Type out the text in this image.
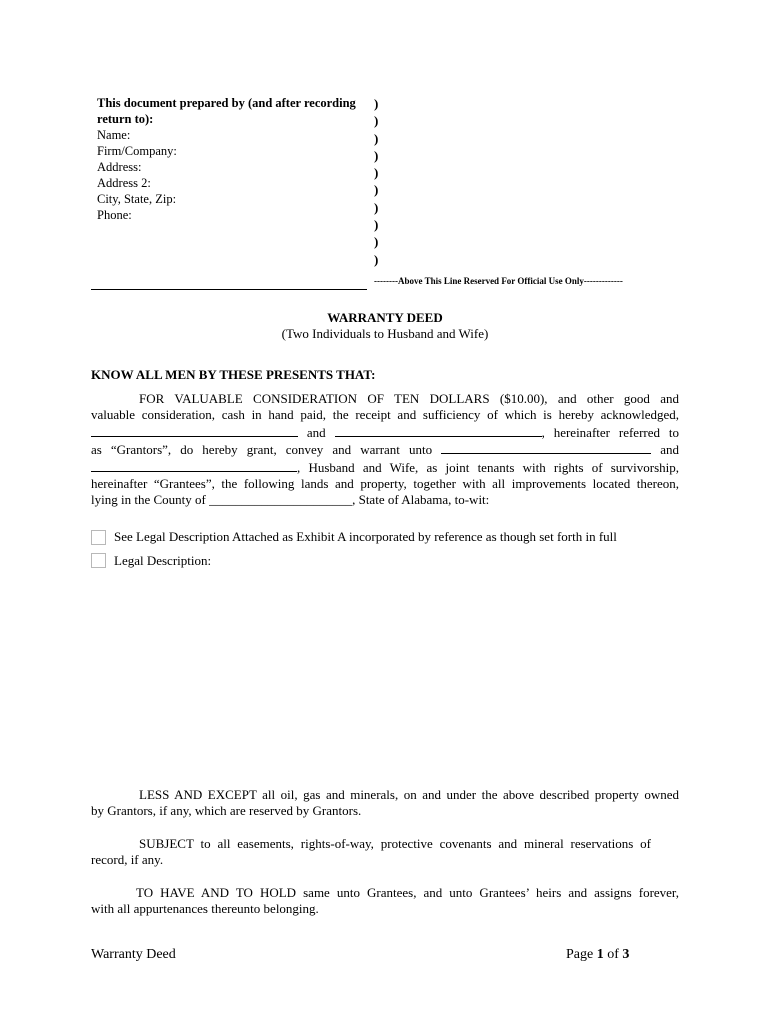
This document prepared by (and after recording
return to):
Name:
Firm/Company:
Address:
Address 2:
City, State, Zip:
Phone:
)
)
)
)
)
)
)
)
)
)
--------Above This Line Reserved For Official Use Only-------------
WARRANTY DEED
(Two Individuals to Husband and Wife)
KNOW ALL MEN BY THESE PRESENTS THAT:
FOR VALUABLE CONSIDERATION OF TEN DOLLARS ($10.00), and other good and
valuable consideration, cash in hand paid, the receipt and sufficiency of which is hereby acknowledged,
and	, hereinafter referred to
as “Grantors”, do hereby grant, convey and warrant unto	and
, Husband and Wife, as joint tenants with rights of survivorship,
hereinafter “Grantees”, the following lands and property, together with all improvements located thereon,
lying in the County of ______________________, State of Alabama, to-wit:
See Legal Description Attached as Exhibit A incorporated by reference as though set forth in full
Legal Description:
LESS AND EXCEPT all oil, gas and minerals, on and under the above described property owned
by Grantors, if any, which are reserved by Grantors.
SUBJECT to all easements, rights-of-way, protective covenants and mineral reservations of
record, if any.
TO HAVE AND TO HOLD same unto Grantees, and unto Grantees’ heirs and assigns forever,
with all appurtenances thereunto belonging.
Warranty Deed	Page 1 of 3
